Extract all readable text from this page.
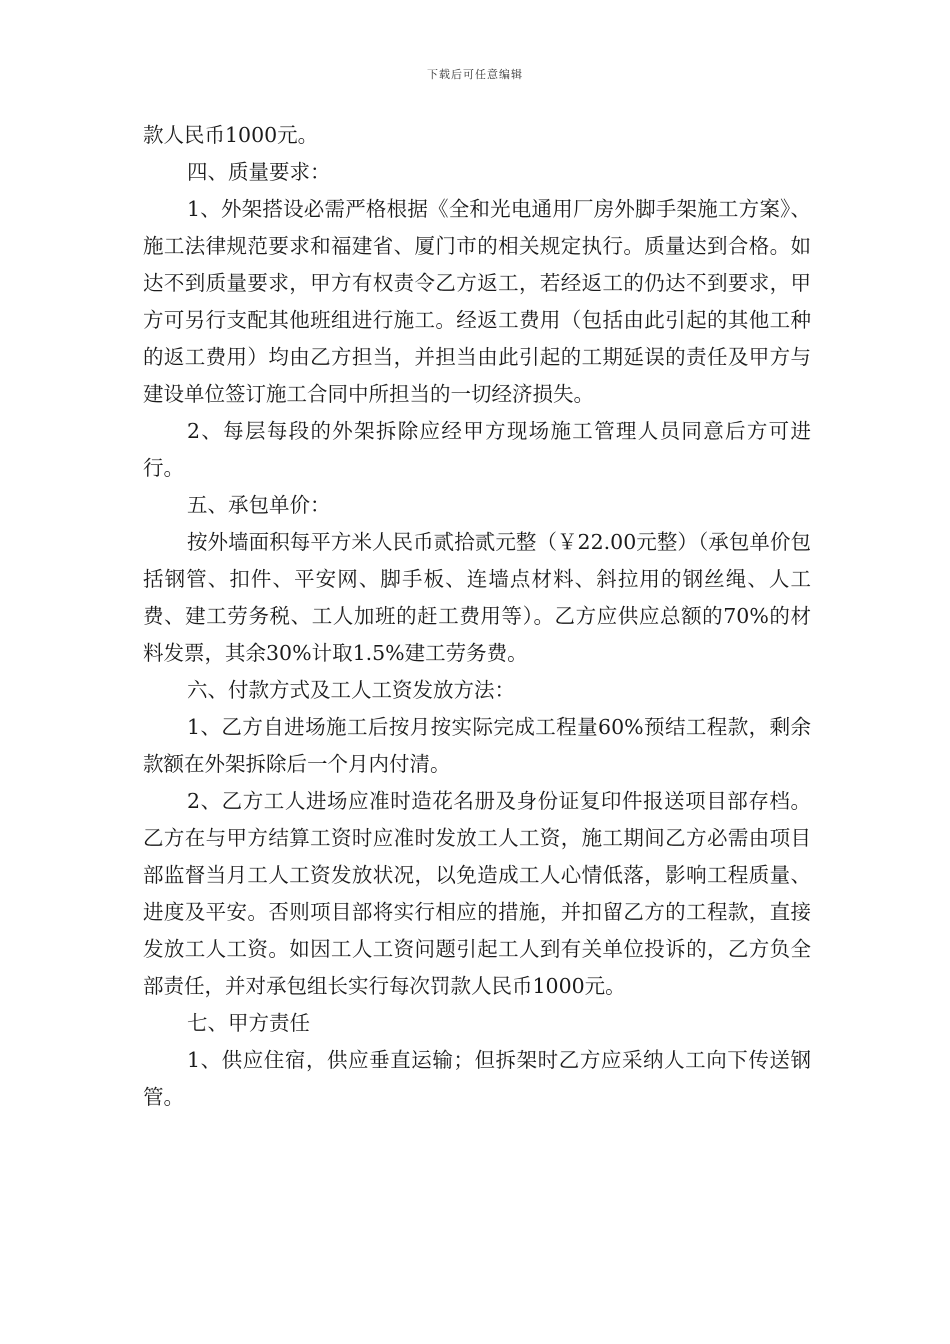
下载后可任意编辑

款人民币1000元。

四、质量要求：

1、外架搭设必需严格根据《全和光电通用厂房外脚手架施工方案》、施工法律规范要求和福建省、厦门市的相关规定执行。质量达到合格。如达不到质量要求，甲方有权责令乙方返工，若经返工的仍达不到要求，甲方可另行支配其他班组进行施工。经返工费用（包括由此引起的其他工种的返工费用）均由乙方担当，并担当由此引起的工期延误的责任及甲方与建设单位签订施工合同中所担当的一切经济损失。

2、每层每段的外架拆除应经甲方现场施工管理人员同意后方可进行。

五、承包单价：

按外墙面积每平方米人民币贰拾贰元整（￥22.00元整）（承包单价包括钢管、扣件、平安网、脚手板、连墙点材料、斜拉用的钢丝绳、人工费、建工劳务税、工人加班的赶工费用等）。乙方应供应总额的70%的材料发票，其余30%计取1.5%建工劳务费。

六、付款方式及工人工资发放方法：

1、乙方自进场施工后按月按实际完成工程量60%预结工程款，剩余款额在外架拆除后一个月内付清。

2、乙方工人进场应准时造花名册及身份证复印件报送项目部存档。乙方在与甲方结算工资时应准时发放工人工资，施工期间乙方必需由项目部监督当月工人工资发放状况，以免造成工人心情低落，影响工程质量、进度及平安。否则项目部将实行相应的措施，并扣留乙方的工程款，直接发放工人工资。如因工人工资问题引起工人到有关单位投诉的，乙方负全部责任，并对承包组长实行每次罚款人民币1000元。

七、甲方责任

1、供应住宿，供应垂直运输；但拆架时乙方应采纳人工向下传送钢管。
